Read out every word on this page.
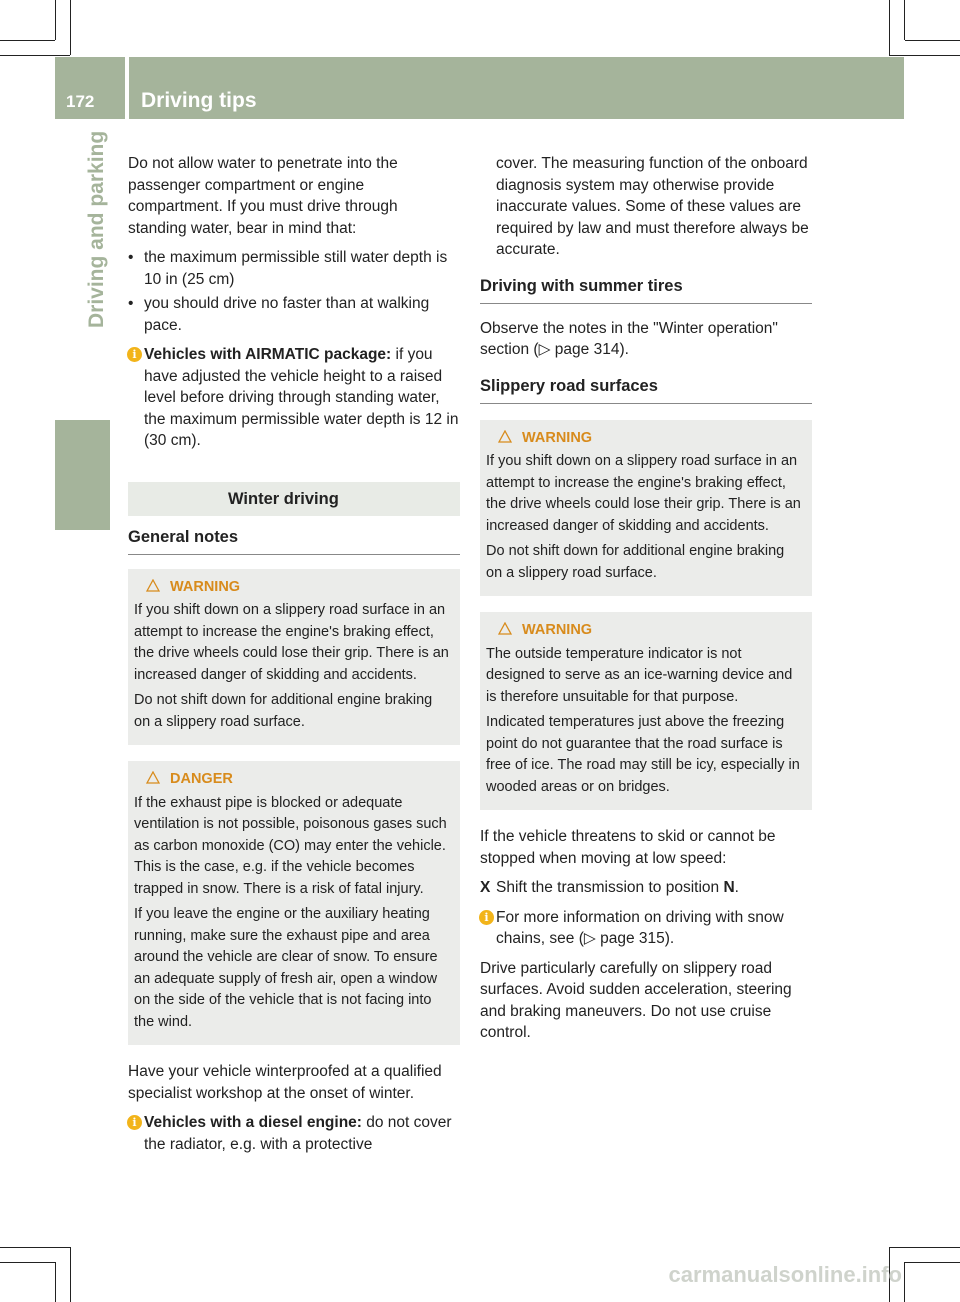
172 Driving tips
Driving and parking Do not allow water to penetrate into the passenger compartment or engine compartment. If you must drive through standing water, bear in mind that:

• the maximum permissible still water depth is 10 in (25 cm)

• you should drive no faster than at walking pace.

i Vehicles with AIRMATIC package: if you have adjusted the vehicle height to a raised level before driving through standing water, the maximum permissible water depth is 12 in (30 cm).

Winter driving

General notes

WARNING

If you shift down on a slippery road surface in an attempt to increase the engine's braking effect, the drive wheels could lose their grip. There is an increased danger of skidding and accidents.

Do not shift down for additional engine braking on a slippery road surface.

DANGER

If the exhaust pipe is blocked or adequate ventilation is not possible, poisonous gases such as carbon monoxide (CO) may enter the vehicle. This is the case, e.g. if the vehicle becomes trapped in snow. There is a risk of fatal injury.

If you leave the engine or the auxiliary heating running, make sure the exhaust pipe and area around the vehicle are clear of snow. To ensure an adequate supply of fresh air, open a window on the side of the vehicle that is not facing into the wind.

Have your vehicle winterproofed at a qualified specialist workshop at the onset of winter.

i Vehicles with a diesel engine: do not cover the radiator, e.g. with a protective

cover. The measuring function of the onboard diagnosis system may otherwise provide inaccurate values. Some of these values are required by law and must therefore always be accurate.

Driving with summer tires

Observe the notes in the "Winter operation" section (▷ page 314).

Slippery road surfaces

WARNING

If you shift down on a slippery road surface in an attempt to increase the engine's braking effect, the drive wheels could lose their grip. There is an increased danger of skidding and accidents.

Do not shift down for additional engine braking on a slippery road surface.

WARNING

The outside temperature indicator is not designed to serve as an ice-warning device and is therefore unsuitable for that purpose.

Indicated temperatures just above the freezing point do not guarantee that the road surface is free of ice. The road may still be icy, especially in wooded areas or on bridges.

If the vehicle threatens to skid or cannot be stopped when moving at low speed:

X Shift the transmission to position N.

i For more information on driving with snow chains, see (▷ page 315).

Drive particularly carefully on slippery road surfaces. Avoid sudden acceleration, steering and braking maneuvers. Do not use cruise control.

carmanualsonline.info
